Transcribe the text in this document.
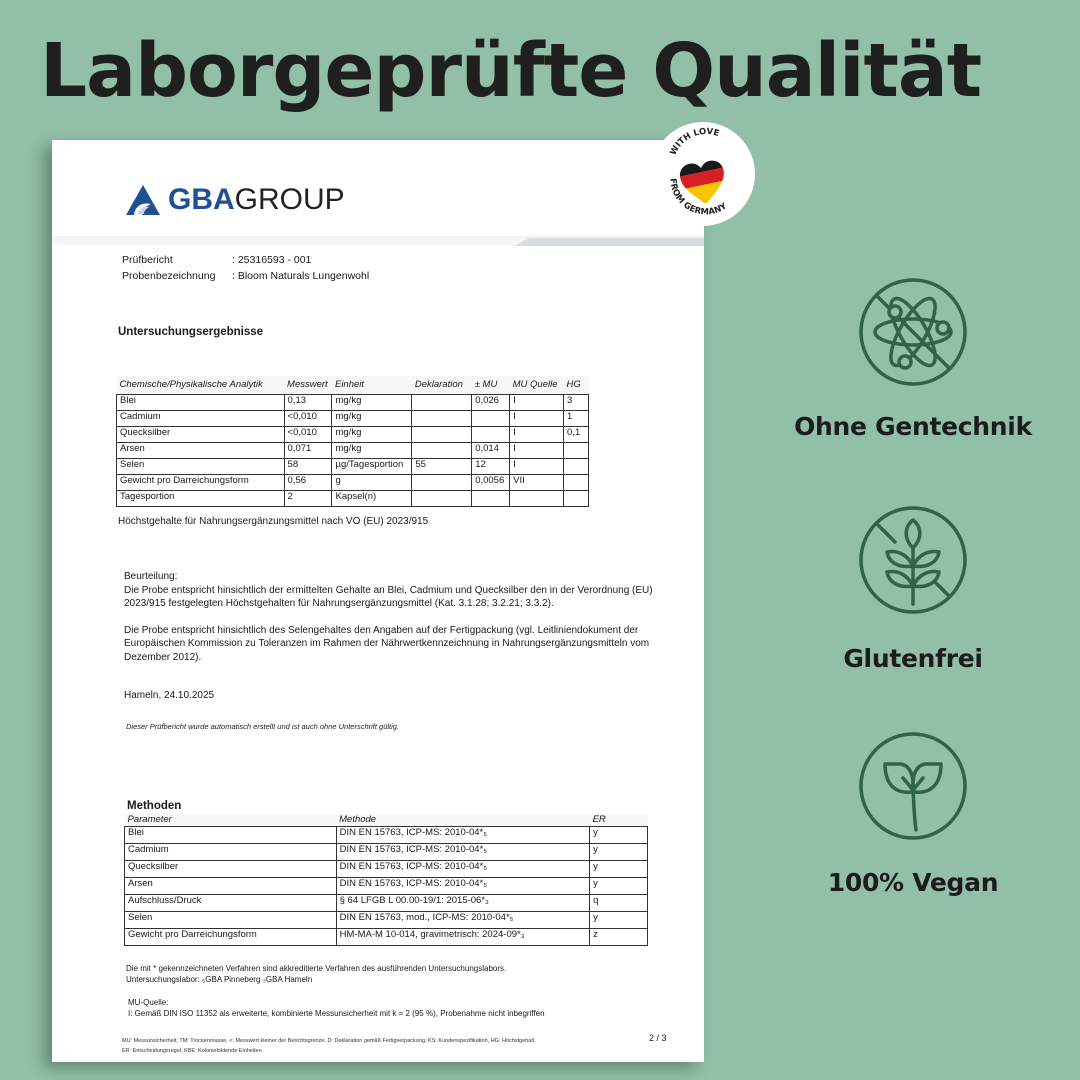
Laborgeprüfte Qualität
GBA GROUP
Prüfbericht	: 25316593 - 001
Probenbezeichnung	: Bloom Naturals Lungenwohl
Untersuchungsergebnisse
Chemische/Physikalische Analytik	Messwert	Einheit	Deklaration	± MU	MU Quelle	HG
Blei	0,13	mg/kg		0,026	I	3
Cadmium	<0,010	mg/kg			I	1
Quecksilber	<0,010	mg/kg			I	0,1
Arsen	0,071	mg/kg		0,014	I	
Selen	58	µg/Tagesportion	55	12	I	
Gewicht pro Darreichungsform	0,56	g		0,0056	VII	
Tagesportion	2	Kapsel(n)				
Höchstgehalte für Nahrungsergänzungsmittel nach VO (EU) 2023/915
Beurteilung:

Die Probe entspricht hinsichtlich der ermittelten Gehalte an Blei, Cadmium und Quecksilber den in der Verordnung (EU) 2023/915 festgelegten Höchstgehalten für Nahrungsergänzungsmittel (Kat. 3.1.28; 3.2.21; 3.3.2).

Die Probe entspricht hinsichtlich des Selengehaltes den Angaben auf der Fertigpackung (vgl. Leitliniendokument der Europäischen Kommission zu Toleranzen im Rahmen der Nährwertkennzeichnung in Nahrungsergänzungsmitteln vom Dezember 2012).

Hameln, 24.10.2025
Dieser Prüfbericht wurde automatisch erstellt und ist auch ohne Unterschrift gültig.
Methoden
Parameter	Methode	ER
Blei	DIN EN 15763, ICP-MS: 2010-04*₅	y
Cadmium	DIN EN 15763, ICP-MS: 2010-04*₅	y
Quecksilber	DIN EN 15763, ICP-MS: 2010-04*₅	y
Arsen	DIN EN 15763, ICP-MS: 2010-04*₅	y
Aufschluss/Druck	§ 64 LFGB L 00.00-19/1: 2015-06*₃	q
Selen	DIN EN 15763, mod., ICP-MS: 2010-04*₅	y
Gewicht pro Darreichungsform	HM-MA-M 10-014, gravimetrisch: 2024-09*₃	z
Die mit * gekennzeichneten Verfahren sind akkreditierte Verfahren des ausführenden Untersuchungslabors.
Untersuchungslabor: ₅GBA Pinneberg ₃GBA Hameln
MU-Quelle:
I: Gemäß DIN ISO 11352 als erweiterte, kombinierte Messunsicherheit mit k = 2 (95 %), Probenahme nicht inbegriffen
MU: Messunsicherheit, TM: Trockenmasse, <: Messwert kleiner der Berichtsgrenze, D: Deklaration gemäß Fertigverpackung, KS: Kundenspezifikation, HG: Höchstgehalt,
ER: Entscheidungsregel, KBE: Koloniebildende Einheiten
2 / 3
WITH LOVE
FROM GERMANY
Ohne Gentechnik
Glutenfrei
100% Vegan
